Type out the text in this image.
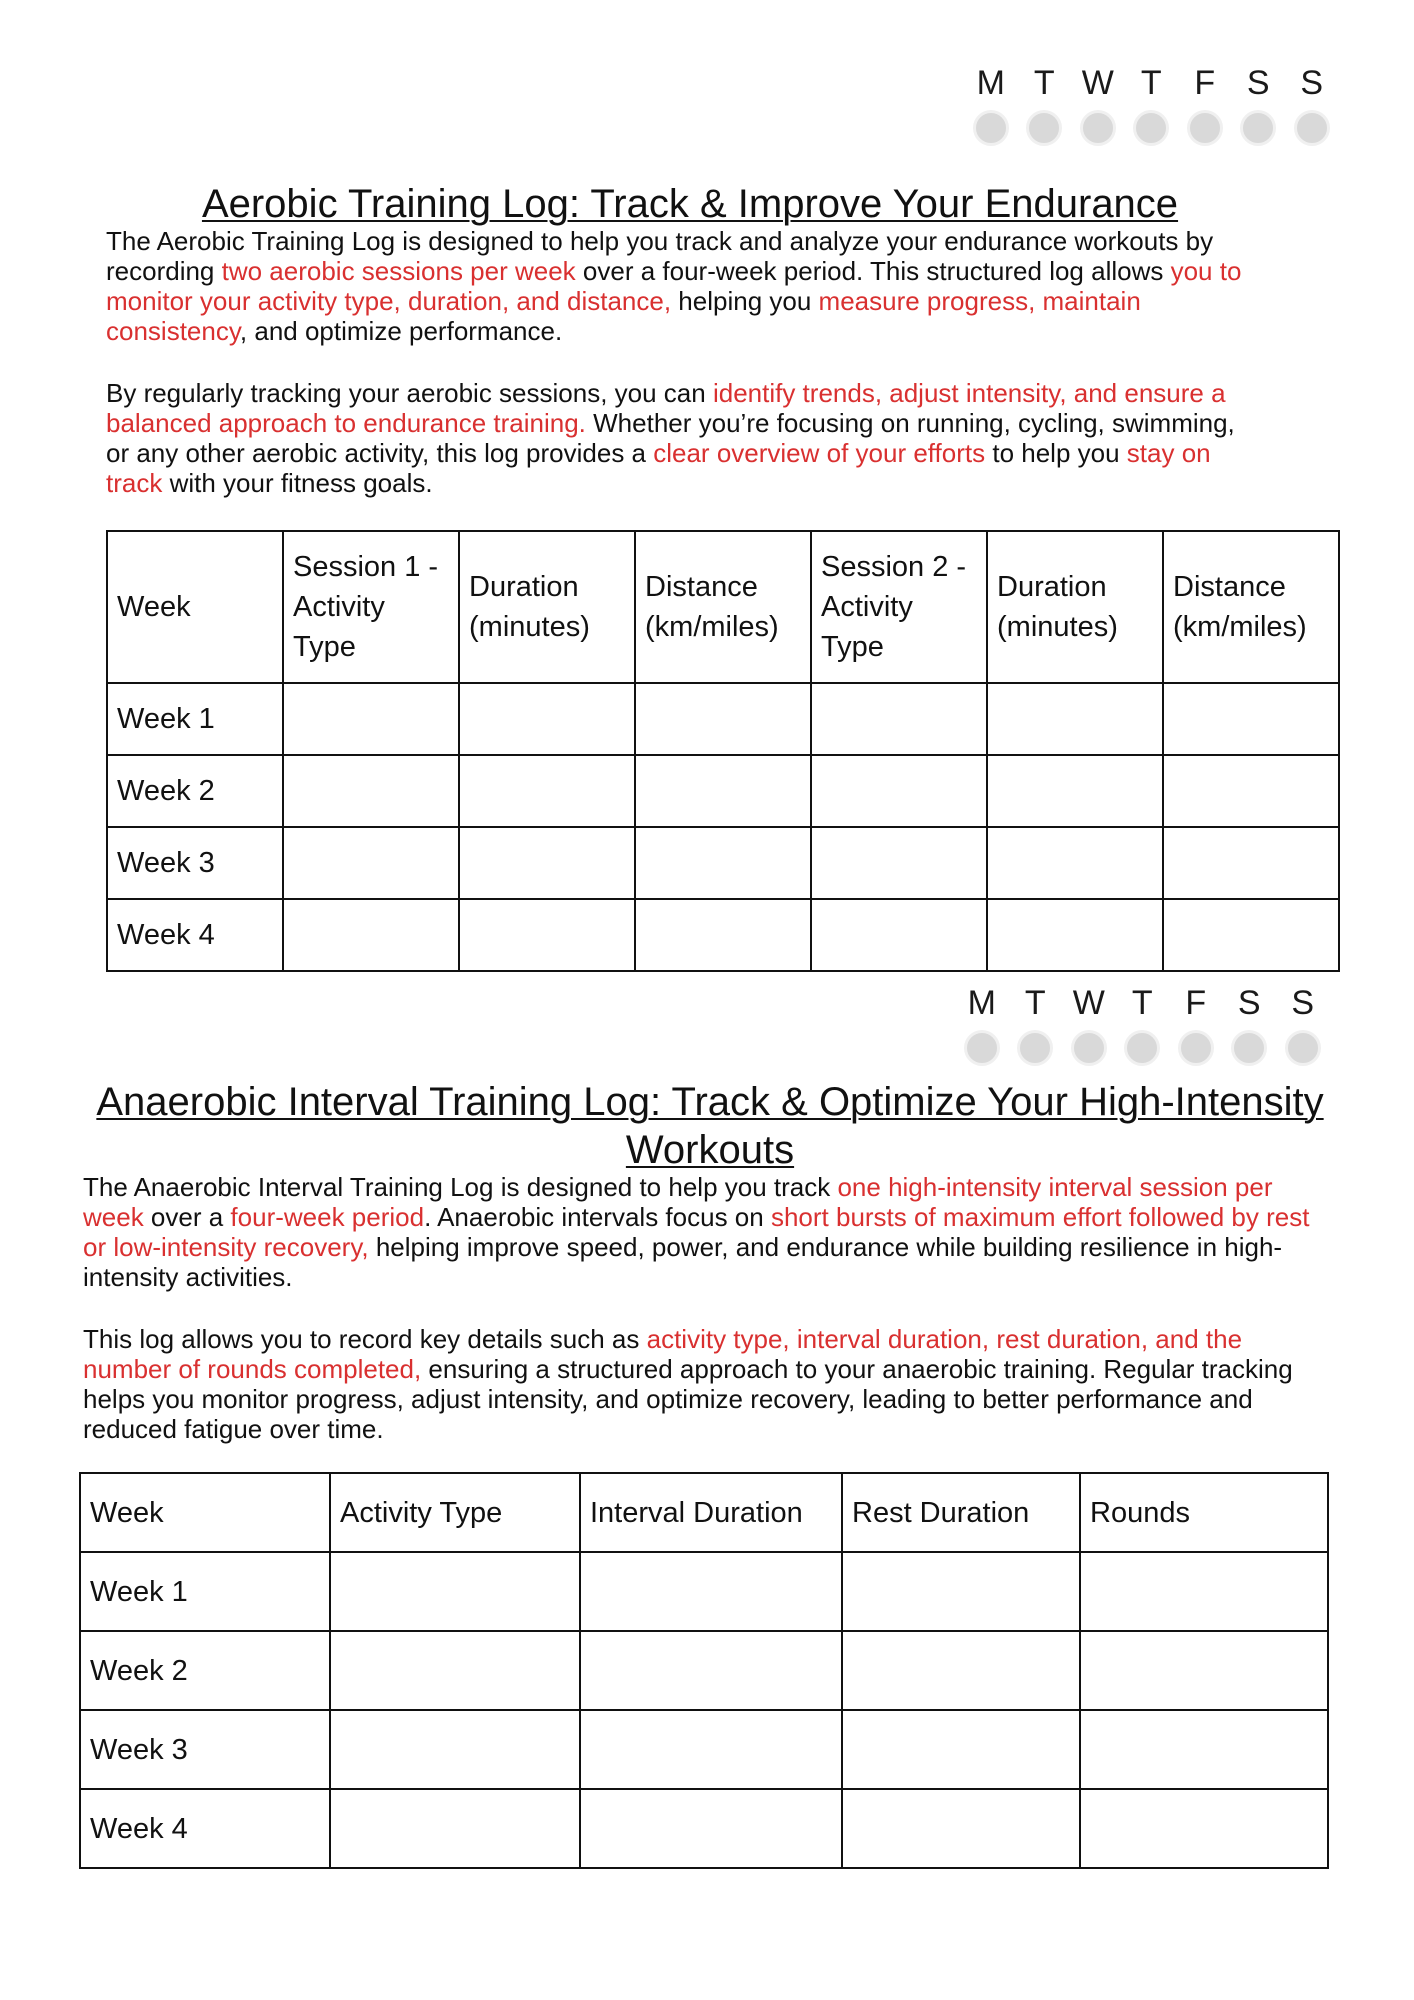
M T W T F S S
Aerobic Training Log: Track & Improve Your Endurance

The Aerobic Training Log is designed to help you track and analyze your endurance workouts by recording two aerobic sessions per week over a four-week period. This structured log allows you to monitor your activity type, duration, and distance, helping you measure progress, maintain consistency, and optimize performance.

By regularly tracking your aerobic sessions, you can identify trends, adjust intensity, and ensure a balanced approach to endurance training. Whether you’re focusing on running, cycling, swimming, or any other aerobic activity, this log provides a clear overview of your efforts to help you stay on track with your fitness goals.

Week	Session 1 - Activity Type	Duration (minutes)	Distance (km/miles)	Session 2 - Activity Type	Duration (minutes)	Distance (km/miles)
Week 1						
Week 2						
Week 3						
Week 4						
M T W T F S S
Anaerobic Interval Training Log: Track & Optimize Your High-Intensity Workouts

The Anaerobic Interval Training Log is designed to help you track one high-intensity interval session per week over a four-week period. Anaerobic intervals focus on short bursts of maximum effort followed by rest or low-intensity recovery, helping improve speed, power, and endurance while building resilience in high-intensity activities.

This log allows you to record key details such as activity type, interval duration, rest duration, and the number of rounds completed, ensuring a structured approach to your anaerobic training. Regular tracking helps you monitor progress, adjust intensity, and optimize recovery, leading to better performance and reduced fatigue over time.

Week	Activity Type	Interval Duration	Rest Duration	Rounds
Week 1				
Week 2				
Week 3				
Week 4				
